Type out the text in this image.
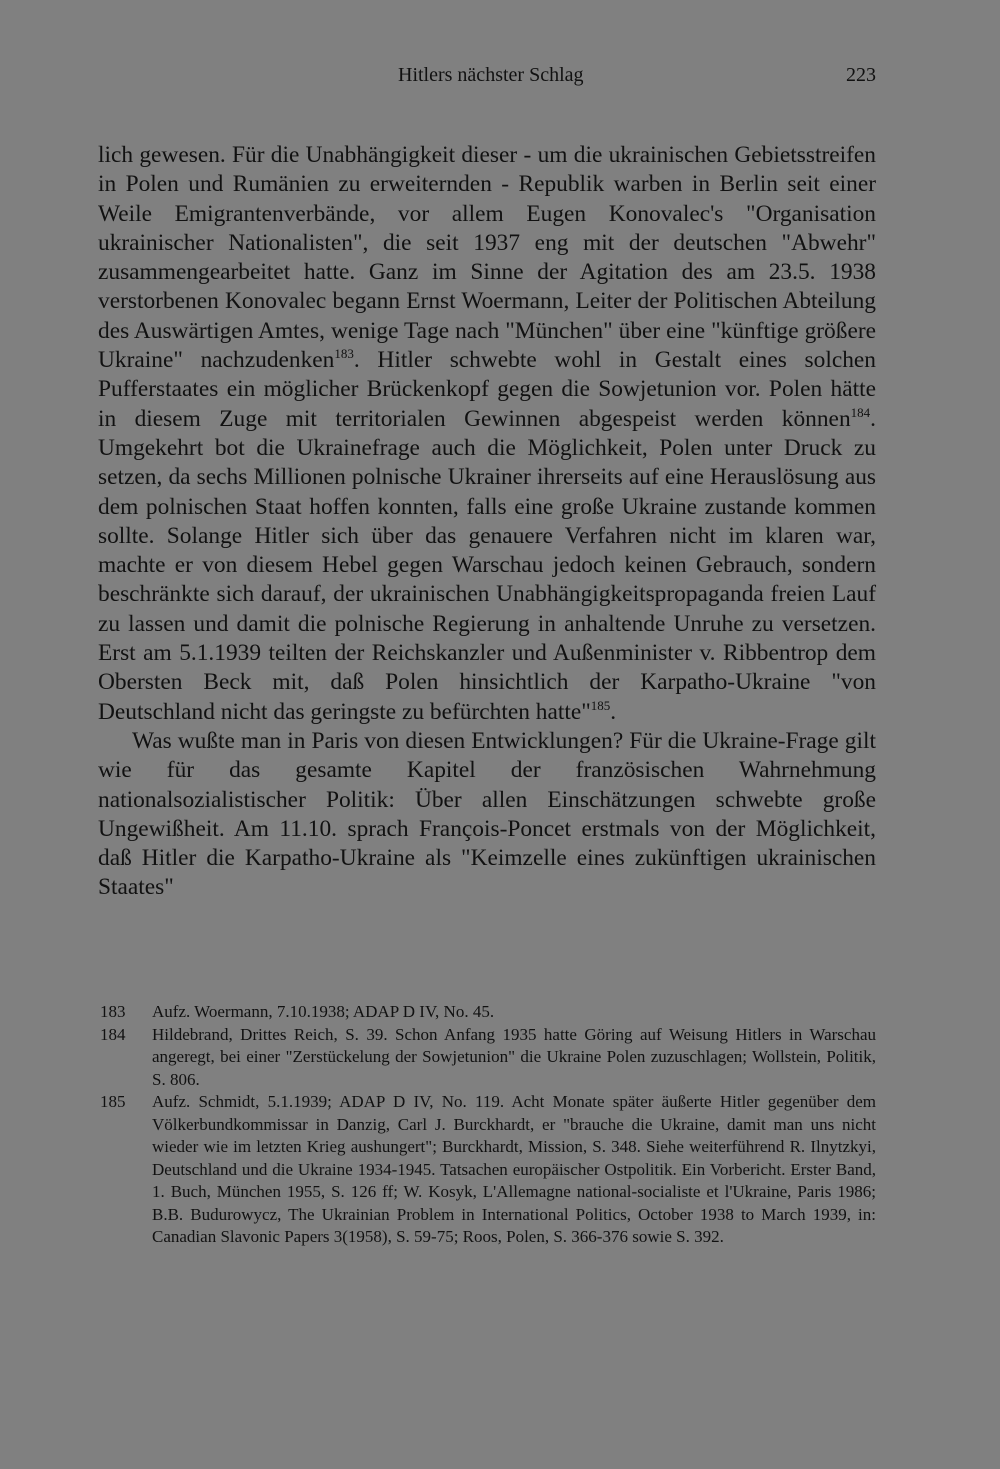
Hitlers nächster Schlag	223

lich gewesen. Für die Unabhängigkeit dieser - um die ukrainischen Gebietsstreifen in Polen und Rumänien zu erweiternden - Republik warben in Berlin seit einer Weile Emigrantenverbände, vor allem Eugen Konovalec's "Organisation ukrainischer Nationalisten", die seit 1937 eng mit der deutschen "Abwehr" zusammengearbeitet hatte. Ganz im Sinne der Agitation des am 23.5. 1938 verstorbenen Konovalec begann Ernst Woermann, Leiter der Politischen Abteilung des Auswärtigen Amtes, wenige Tage nach "München" über eine "künftige größere Ukraine" nachzudenken$^{183}$. Hitler schwebte wohl in Gestalt eines solchen Pufferstaates ein möglicher Brückenkopf gegen die Sowjetunion vor. Polen hätte in diesem Zuge mit territorialen Gewinnen abgespeist werden können$^{184}$. Umgekehrt bot die Ukrainefrage auch die Möglichkeit, Polen unter Druck zu setzen, da sechs Millionen polnische Ukrainer ihrerseits auf eine Herauslösung aus dem polnischen Staat hoffen konnten, falls eine große Ukraine zustande kommen sollte. Solange Hitler sich über das genauere Verfahren nicht im klaren war, machte er von diesem Hebel gegen Warschau jedoch keinen Gebrauch, sondern beschränkte sich darauf, der ukrainischen Unabhängigkeitspropaganda freien Lauf zu lassen und damit die polnische Regierung in anhaltende Unruhe zu versetzen. Erst am 5.1.1939 teilten der Reichskanzler und Außenminister v. Ribbentrop dem Obersten Beck mit, daß Polen hinsichtlich der Karpatho-Ukraine "von Deutschland nicht das geringste zu befürchten hatte"$^{185}$.

Was wußte man in Paris von diesen Entwicklungen? Für die Ukraine-Frage gilt wie für das gesamte Kapitel der französischen Wahrnehmung nationalsozialistischer Politik: Über allen Einschätzungen schwebte große Ungewißheit. Am 11.10. sprach François-Poncet erstmals von der Möglichkeit, daß Hitler die Karpatho-Ukraine als "Keimzelle eines zukünftigen ukrainischen Staates"

183	Aufz. Woermann, 7.10.1938; ADAP D IV, No. 45.
184	Hildebrand, Drittes Reich, S. 39. Schon Anfang 1935 hatte Göring auf Weisung Hitlers in Warschau angeregt, bei einer "Zerstückelung der Sowjetunion" die Ukraine Polen zuzuschlagen; Wollstein, Politik, S. 806.
185	Aufz. Schmidt, 5.1.1939; ADAP D IV, No. 119. Acht Monate später äußerte Hitler gegenüber dem Völkerbundkommissar in Danzig, Carl J. Burckhardt, er "brauche die Ukraine, damit man uns nicht wieder wie im letzten Krieg aushungert"; Burckhardt, Mission, S. 348. Siehe weiterführend R. Ilnytzkyi, Deutschland und die Ukraine 1934-1945. Tatsachen europäischer Ostpolitik. Ein Vorbericht. Erster Band, 1. Buch, München 1955, S. 126 ff; W. Kosyk, L'Allemagne national-socialiste et l'Ukraine, Paris 1986; B.B. Budurowycz, The Ukrainian Problem in International Politics, October 1938 to March 1939, in: Canadian Slavonic Papers 3(1958), S. 59-75; Roos, Polen, S. 366-376 sowie S. 392.
